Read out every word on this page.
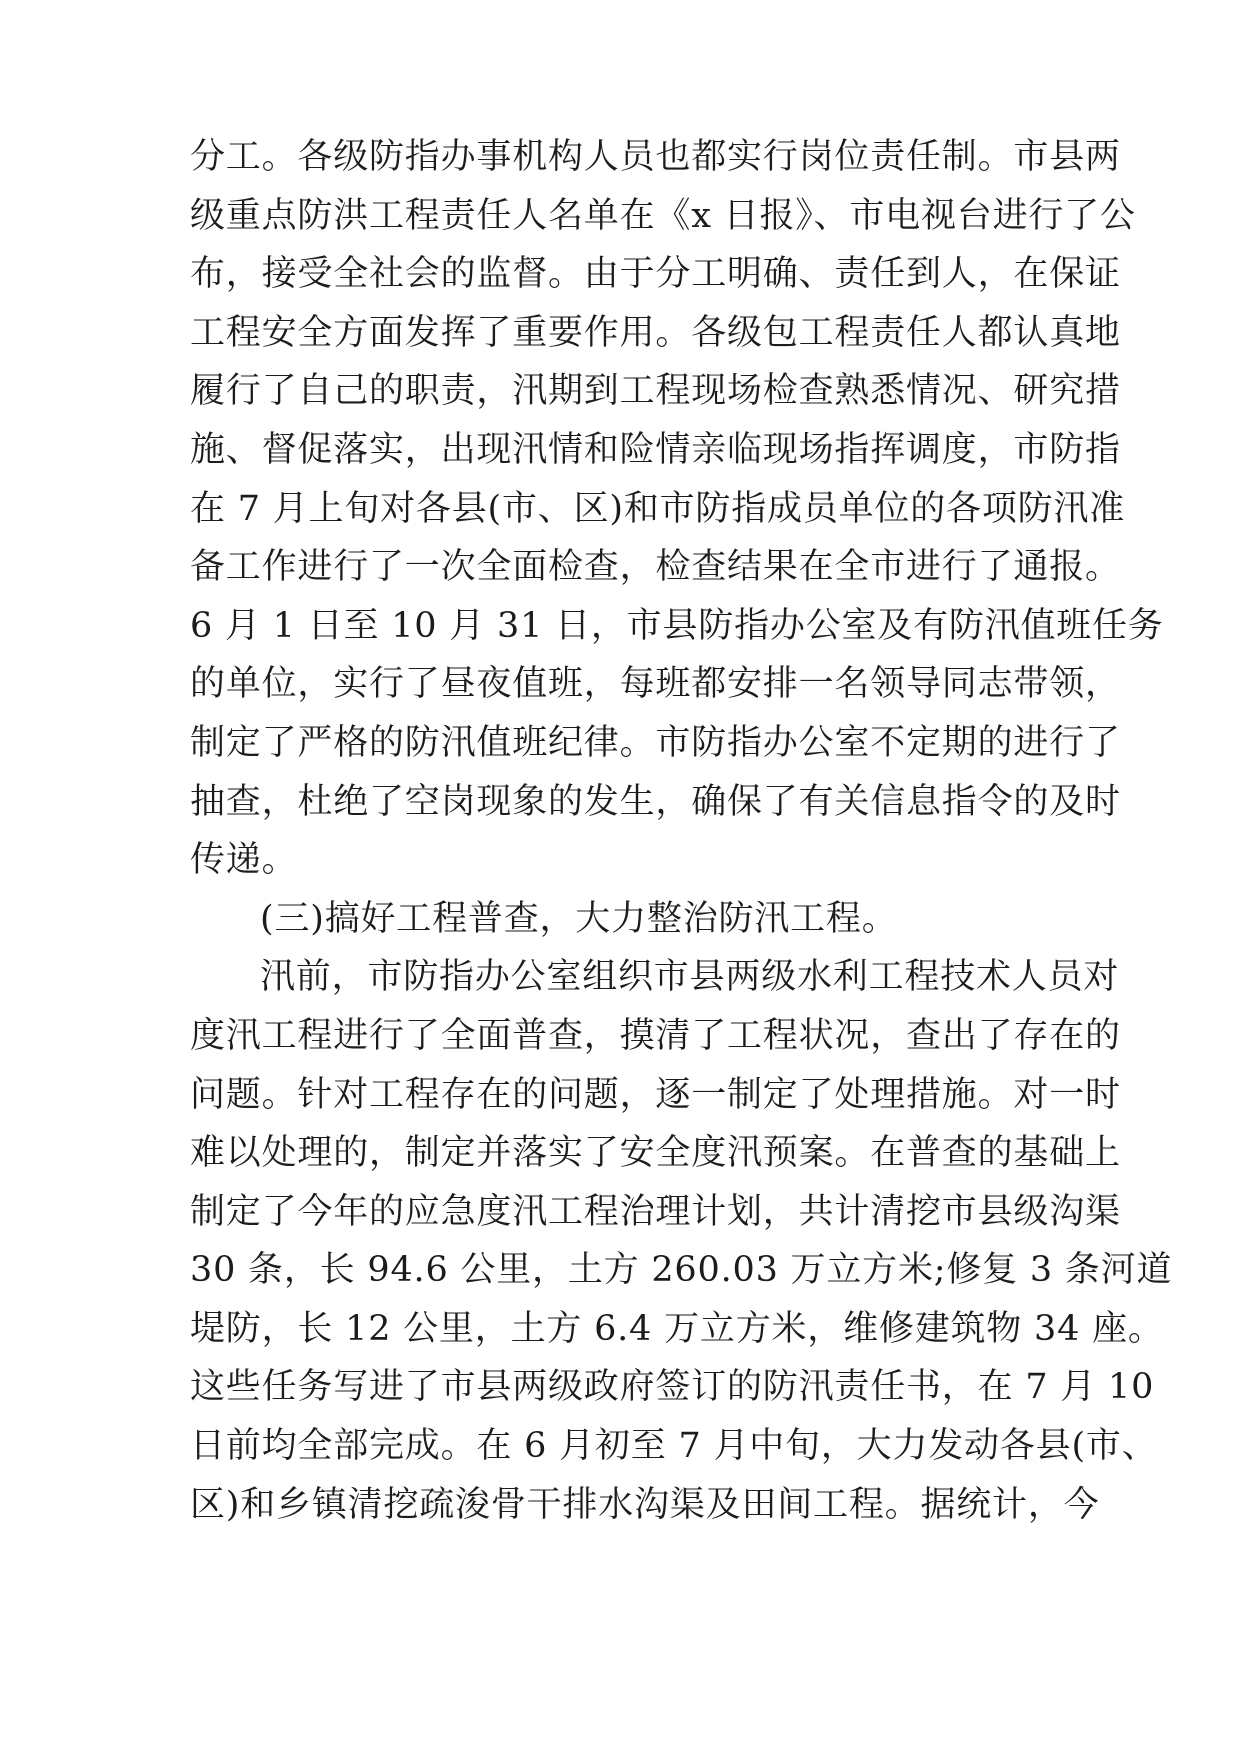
分工。各级防指办事机构人员也都实行岗位责任制。市县两
级重点防洪工程责任人名单在《x 日报》、市电视台进行了公
布，接受全社会的监督。由于分工明确、责任到人，在保证
工程安全方面发挥了重要作用。各级包工程责任人都认真地
履行了自己的职责，汛期到工程现场检查熟悉情况、研究措
施、督促落实，出现汛情和险情亲临现场指挥调度，市防指
在 7 月上旬对各县(市、区)和市防指成员单位的各项防汛准
备工作进行了一次全面检查，检查结果在全市进行了通报。
6 月 1 日至 10 月 31 日，市县防指办公室及有防汛值班任务
的单位，实行了昼夜值班，每班都安排一名领导同志带领，
制定了严格的防汛值班纪律。市防指办公室不定期的进行了
抽查，杜绝了空岗现象的发生，确保了有关信息指令的及时
传递。
(三)搞好工程普查，大力整治防汛工程。
汛前，市防指办公室组织市县两级水利工程技术人员对
度汛工程进行了全面普查，摸清了工程状况，查出了存在的
问题。针对工程存在的问题，逐一制定了处理措施。对一时
难以处理的，制定并落实了安全度汛预案。在普查的基础上
制定了今年的应急度汛工程治理计划，共计清挖市县级沟渠
30 条，长 94.6 公里，土方 260.03 万立方米;修复 3 条河道
堤防，长 12 公里，土方 6.4 万立方米，维修建筑物 34 座。
这些任务写进了市县两级政府签订的防汛责任书，在 7 月 10
日前均全部完成。在 6 月初至 7 月中旬，大力发动各县(市、
区)和乡镇清挖疏浚骨干排水沟渠及田间工程。据统计，今
